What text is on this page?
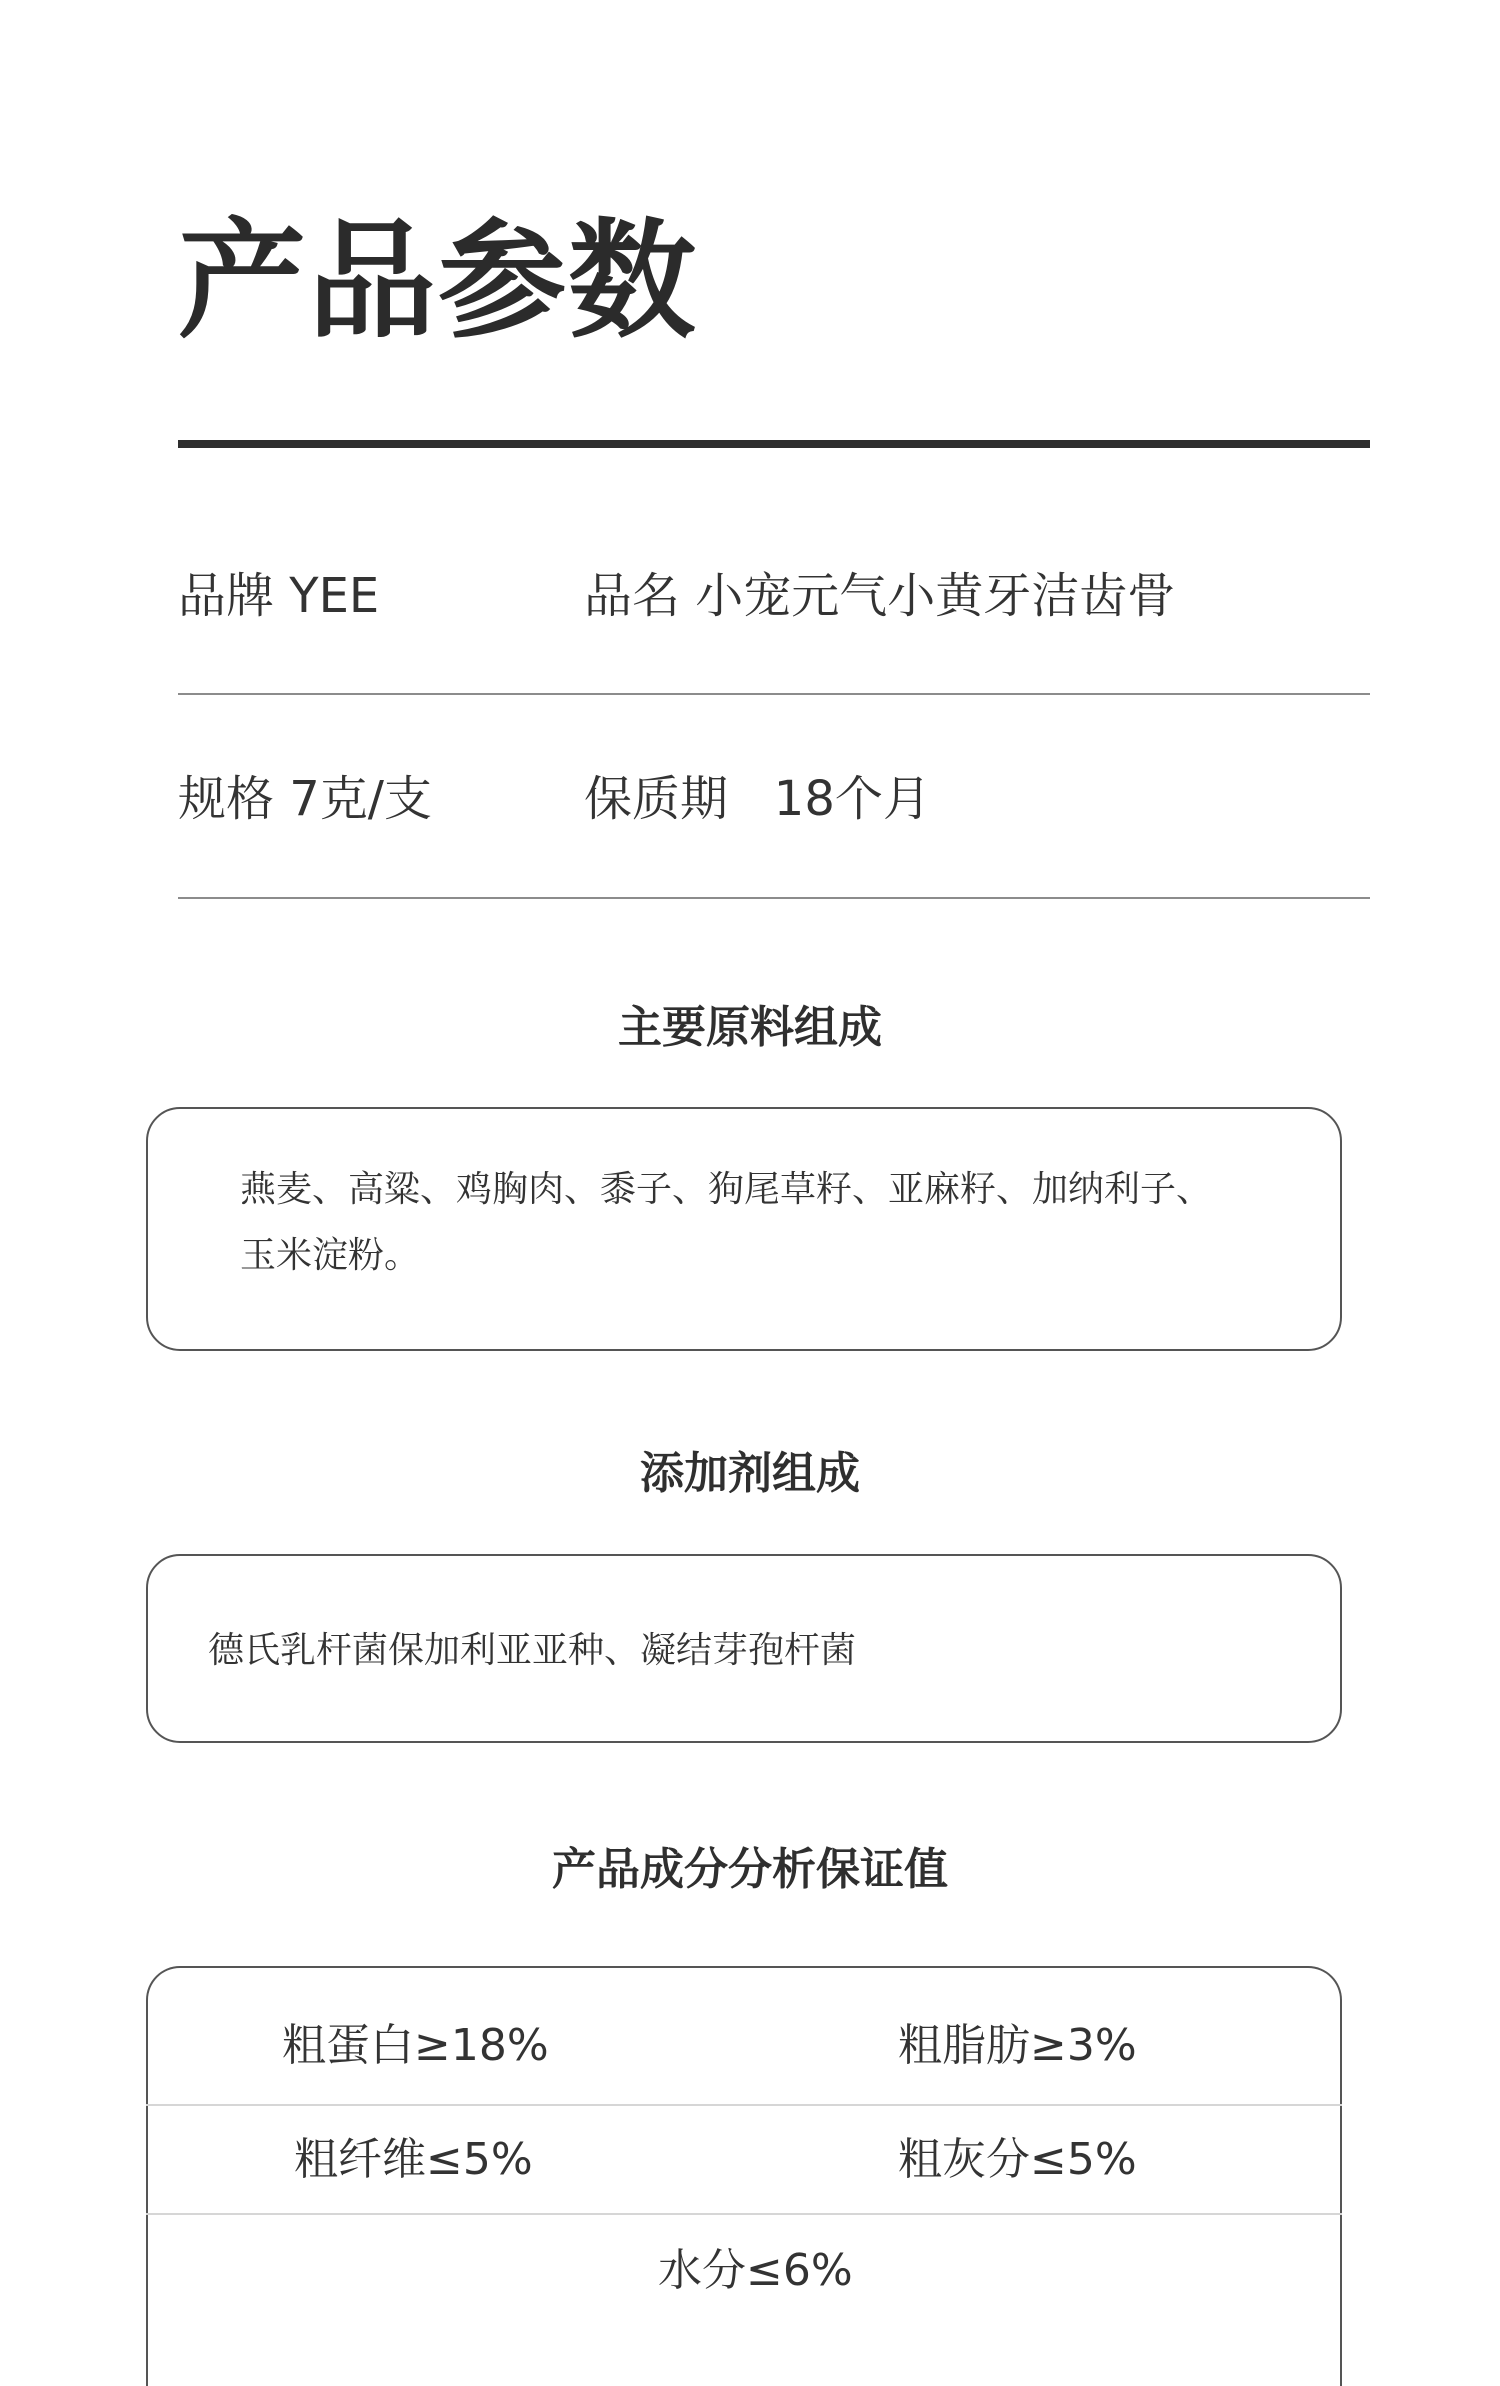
产品参数
品牌 YEE	品名 小宠元气小黄牙洁齿骨
规格 7克/支	保质期   18个月
主要原料组成
燕麦、高粱、鸡胸肉、黍子、狗尾草籽、亚麻籽、加纳利子、
玉米淀粉。
添加剂组成
德氏乳杆菌保加利亚亚种、凝结芽孢杆菌
产品成分分析保证值
粗蛋白≥18%	粗脂肪≥3%
粗纤维≤5%	粗灰分≤5%
水分≤6%
